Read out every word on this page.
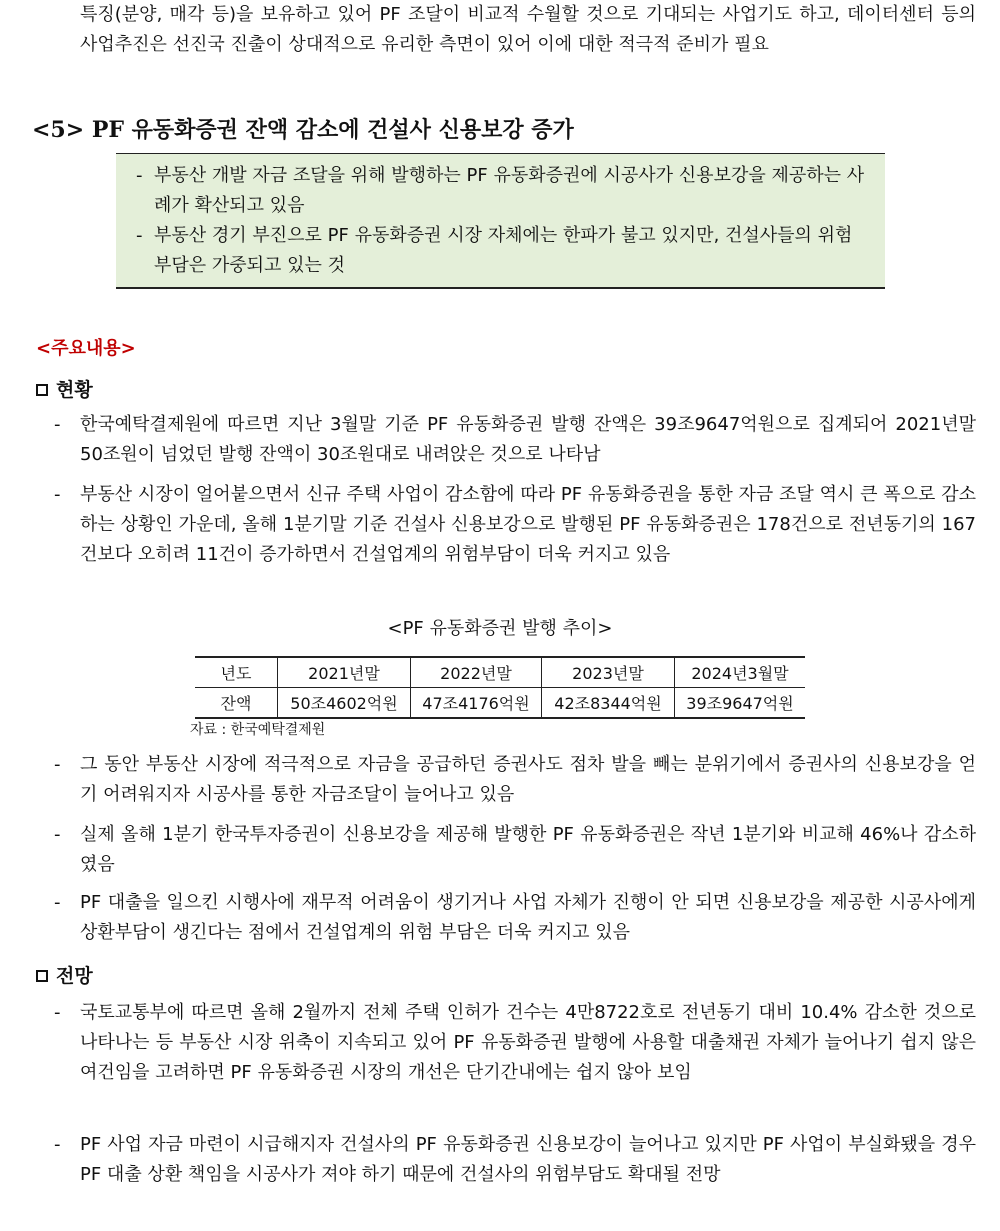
특징(분양, 매각 등)을 보유하고 있어 PF 조달이 비교적 수월할 것으로 기대되는 사업기도 하고, 데이터센터 등의 사업추진은 선진국 진출이 상대적으로 유리한 측면이 있어 이에 대한 적극적 준비가 필요
<5> PF 유동화증권 잔액 감소에 건설사 신용보강 증가
- 부동산 개발 자금 조달을 위해 발행하는 PF 유동화증권에 시공사가 신용보강을 제공하는 사례가 확산되고 있음
- 부동산 경기 부진으로 PF 유동화증권 시장 자체에는 한파가 불고 있지만, 건설사들의 위험 부담은 가중되고 있는 것
<주요내용>
현황
-	한국예탁결제원에 따르면 지난 3월말 기준 PF 유동화증권 발행 잔액은 39조9647억원으로 집계되어 2021년말 50조원이 넘었던 발행 잔액이 30조원대로 내려앉은 것으로 나타남
-	부동산 시장이 얼어붙으면서 신규 주택 사업이 감소함에 따라 PF 유동화증권을 통한 자금 조달 역시 큰 폭으로 감소하는 상황인 가운데, 올해 1분기말 기준 건설사 신용보강으로 발행된 PF 유동화증권은 178건으로 전년동기의 167건보다 오히려 11건이 증가하면서 건설업계의 위험부담이 더욱 커지고 있음
<PF 유동화증권 발행 추이>
년도	2021년말	2022년말	2023년말	2024년3월말
잔액	50조4602억원	47조4176억원	42조8344억원	39조9647억원
자료 : 한국예탁결제원
-	그 동안 부동산 시장에 적극적으로 자금을 공급하던 증권사도 점차 발을 빼는 분위기에서 증권사의 신용보강을 얻기 어려워지자 시공사를 통한 자금조달이 늘어나고 있음
-	실제 올해 1분기 한국투자증권이 신용보강을 제공해 발행한 PF 유동화증권은 작년 1분기와 비교해 46%나 감소하였음
-	PF 대출을 일으킨 시행사에 재무적 어려움이 생기거나 사업 자체가 진행이 안 되면 신용보강을 제공한 시공사에게 상환부담이 생긴다는 점에서 건설업계의 위험 부담은 더욱 커지고 있음
전망
-	국토교통부에 따르면 올해 2월까지 전체 주택 인허가 건수는 4만8722호로 전년동기 대비 10.4% 감소한 것으로 나타나는 등 부동산 시장 위축이 지속되고 있어 PF 유동화증권 발행에 사용할 대출채권 자체가 늘어나기 쉽지 않은 여건임을 고려하면 PF 유동화증권 시장의 개선은 단기간내에는 쉽지 않아 보임
-	PF 사업 자금 마련이 시급해지자 건설사의 PF 유동화증권 신용보강이 늘어나고 있지만 PF 사업이 부실화됐을 경우 PF 대출 상환 책임을 시공사가 져야 하기 때문에 건설사의 위험부담도 확대될 전망
